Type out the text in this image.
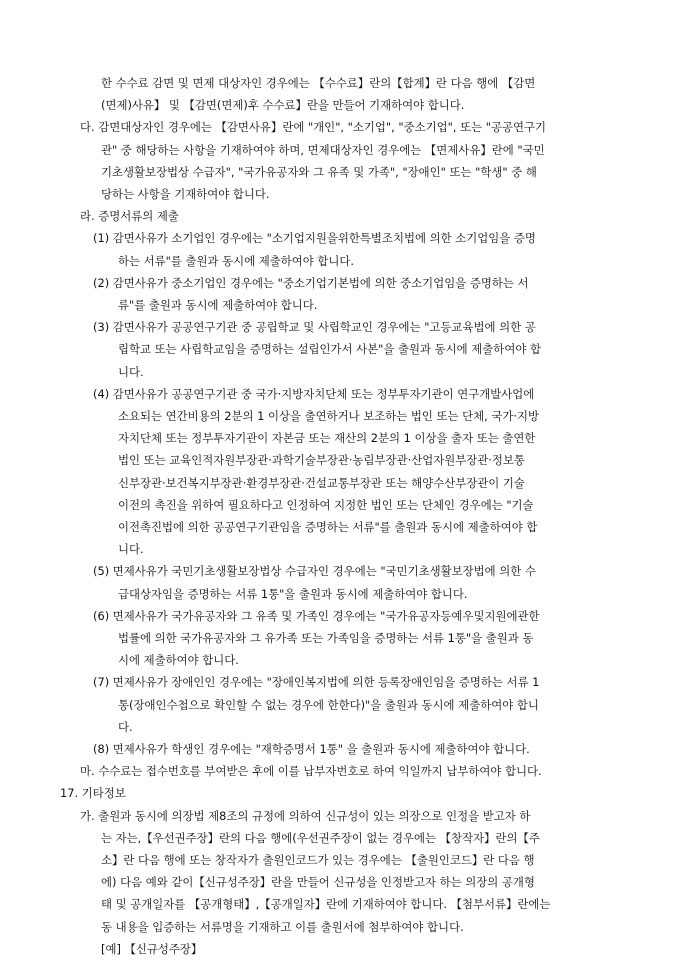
한 수수료 감면 및 면제 대상자인 경우에는 【수수료】란의【합계】란 다음 행에 【감면
(면제)사유】 및 【감면(면제)후 수수료】란을 만들어 기재하여야 합니다.
다. 감면대상자인 경우에는 【감면사유】란에 "개인", "소기업", "중소기업", 또는 "공공연구기
관" 중 해당하는 사항을 기재하여야 하며, 면제대상자인 경우에는 【면제사유】란에 "국민
기초생활보장법상 수급자", "국가유공자와 그 유족 및 가족", "장애인" 또는 "학생" 중 해
당하는 사항을 기재하여야 합니다.
라. 증명서류의 제출
(1) 감면사유가 소기업인 경우에는 "소기업지원을위한특별조치법에 의한 소기업임을 증명
하는 서류"를 출원과 동시에 제출하여야 합니다.
(2) 감면사유가 중소기업인 경우에는 "중소기업기본법에 의한 중소기업임을 증명하는 서
류"를 출원과 동시에 제출하여야 합니다.
(3) 감면사유가 공공연구기관 중 공립학교 및 사립학교인 경우에는 "고등교육법에 의한 공
립학교 또는 사립학교임을 증명하는 설립인가서 사본"을 출원과 동시에 제출하여야 합
니다.
(4) 감면사유가 공공연구기관 중 국가·지방자치단체 또는 정부투자기관이 연구개발사업에
소요되는 연간비용의 2분의 1 이상을 출연하거나 보조하는 법인 또는 단체, 국가·지방
자치단체 또는 정부투자기관이 자본금 또는 재산의 2분의 1 이상을 출자 또는 출연한
법인 또는 교육인적자원부장관·과학기술부장관·농림부장관·산업자원부장관·정보통
신부장관·보건복지부장관·환경부장관·건설교통부장관 또는 해양수산부장관이 기술
이전의 촉진을 위하여 필요하다고 인정하여 지정한 법인 또는 단체인 경우에는 "기술
이전촉진법에 의한 공공연구기관임을 증명하는 서류"를 출원과 동시에 제출하여야 합
니다.
(5) 면제사유가 국민기초생활보장법상 수급자인 경우에는 "국민기초생활보장법에 의한 수
급대상자임을 증명하는 서류 1통"을 출원과 동시에 제출하여야 합니다.
(6) 면제사유가 국가유공자와 그 유족 및 가족인 경우에는 "국가유공자등예우및지원에관한
법률에 의한 국가유공자와 그 유가족 또는 가족임을 증명하는 서류 1통"을 출원과 동
시에 제출하여야 합니다.
(7) 면제사유가 장애인인 경우에는 "장애인복지법에 의한 등록장애인임을 증명하는 서류 1
통(장애인수첩으로 확인할 수 없는 경우에 한한다)"을 출원과 동시에 제출하여야 합니
다.
(8) 면제사유가 학생인 경우에는 "재학증명서 1통" 을 출원과 동시에 제출하여야 합니다.
마. 수수료는 접수번호를 부여받은 후에 이를 납부자번호로 하여 익일까지 납부하여야 합니다.
17. 기타정보
가. 출원과 동시에 의장법 제8조의 규정에 의하여 신규성이 있는 의장으로 인정을 받고자 하
는 자는,【우선권주장】란의 다음 행에(우선권주장이 없는 경우에는 【창작자】란의【주
소】란 다음 행에 또는 창작자가 출원인코드가 있는 경우에는 【출원인코드】란 다음 행
에) 다음 예와 같이【신규성주장】란을 만들어 신규성을 인정받고자 하는 의장의 공개형
태 및 공개일자를 【공개형태】,【공개일자】란에 기재하여야 합니다. 【첨부서류】란에는
동 내용을 입증하는 서류명을 기재하고 이를 출원서에 첨부하여야 합니다.
[예] 【신규성주장】
